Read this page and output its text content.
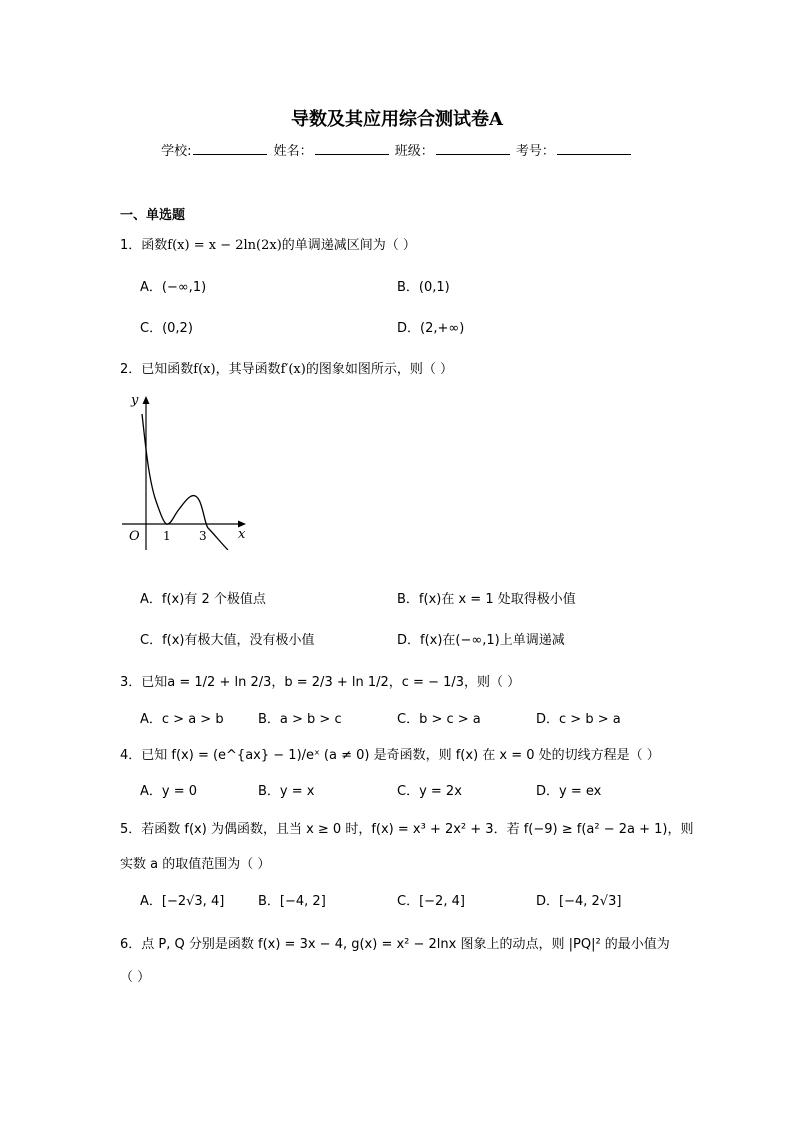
导数及其应用综合测试卷A
学校:	姓名：	班级：	考号：
一、单选题
1．函数f(x) = x − 2ln(2x)的单调递减区间为（ ）
A．(−∞,1)	B．(0,1)
C．(0,2)	D．(2,+∞)
2．已知函数f(x)，其导函数f′(x)的图象如图所示，则（ ）
y
x
O 1 3
A．f(x)有 2 个极值点	B．f(x)在 x = 1 处取得极小值
C．f(x)有极大值，没有极小值	D．f(x)在(−∞,1)上单调递减
3．已知a = 1/2 + ln 2/3，b = 2/3 + ln 1/2，c = − 1/3，则（ ）
A．c > a > b	B．a > b > c	C．b > c > a	D．c > b > a
4．已知 f(x) = (e^{ax} − 1)/eˣ (a ≠ 0) 是奇函数，则 f(x) 在 x = 0 处的切线方程是（ ）
A．y = 0	B．y = x	C．y = 2x	D．y = ex
5．若函数 f(x) 为偶函数，且当 x ≥ 0 时，f(x) = x³ + 2x² + 3．若 f(−9) ≥ f(a² − 2a + 1)，则
实数 a 的取值范围为（ ）
A．[−2√3, 4]	B．[−4, 2]	C．[−2, 4]	D．[−4, 2√3]
6．点 P, Q 分别是函数 f(x) = 3x − 4, g(x) = x² − 2lnx 图象上的动点，则 |PQ|² 的最小值为
（ ）
